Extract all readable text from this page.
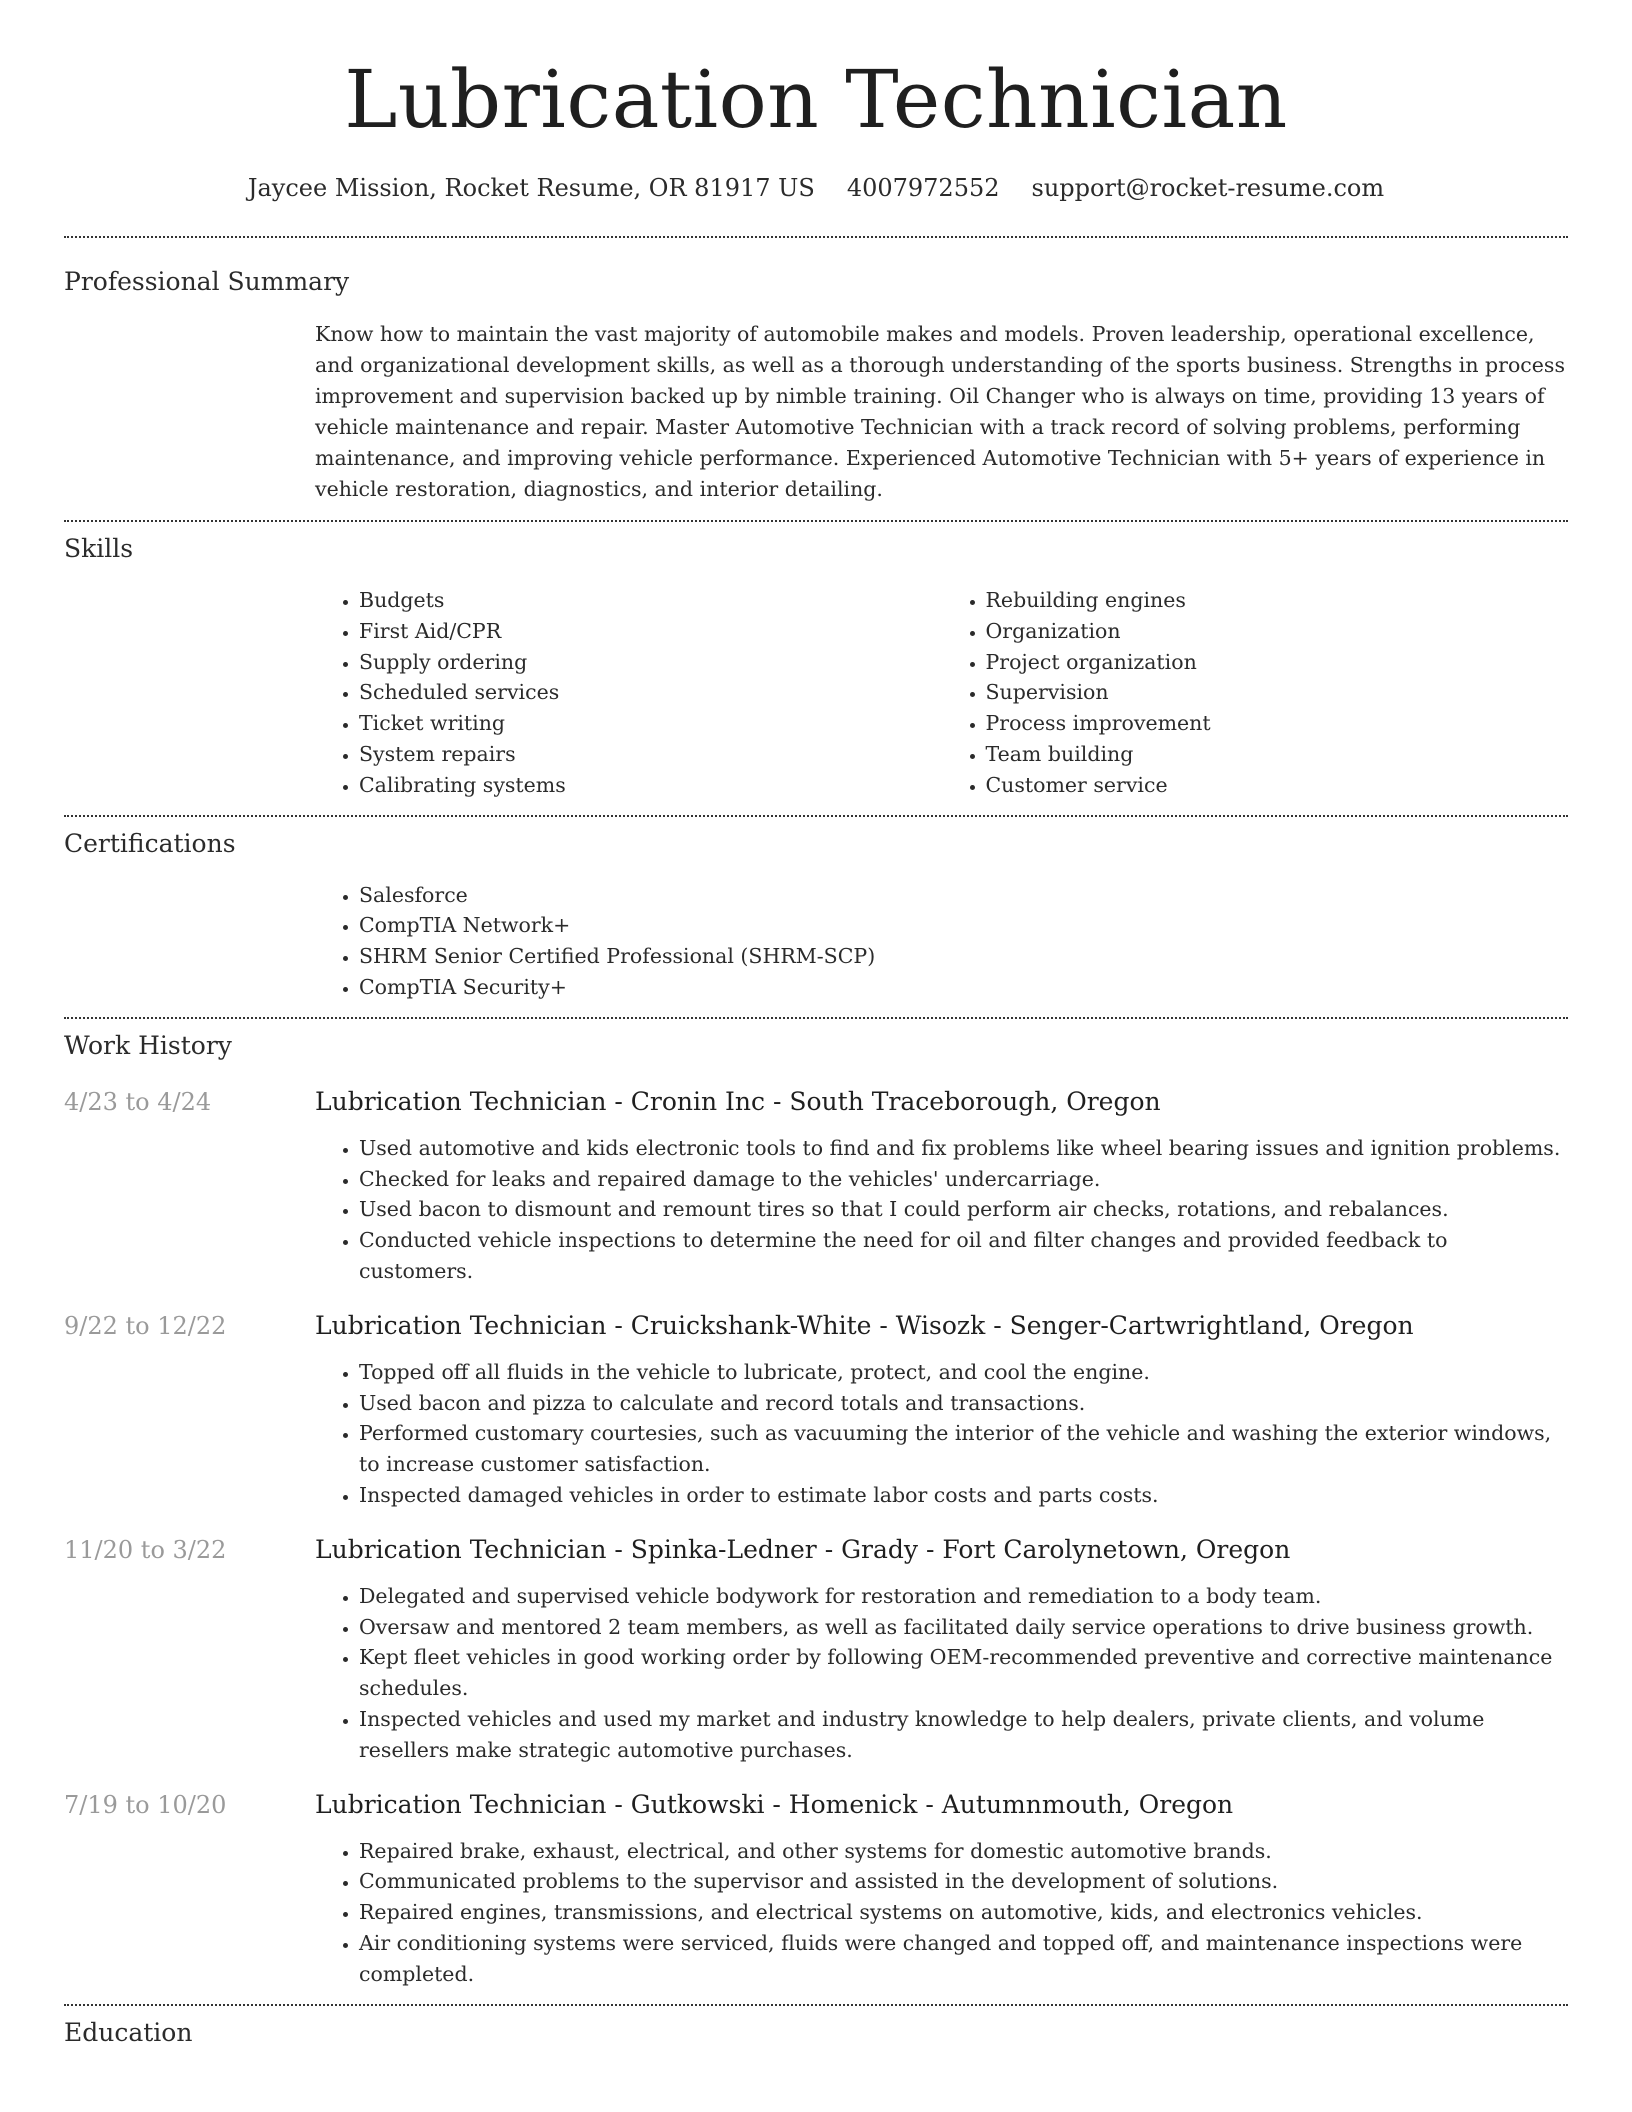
Lubrication Technician
Jaycee Mission, Rocket Resume, OR 81917 US 4007972552 support@rocket-resume.com
Professional Summary

Know how to maintain the vast majority of automobile makes and models. Proven leadership, operational excellence, and organizational development skills, as well as a thorough understanding of the sports business. Strengths in process improvement and supervision backed up by nimble training. Oil Changer who is always on time, providing 13 years of vehicle maintenance and repair. Master Automotive Technician with a track record of solving problems, performing maintenance, and improving vehicle performance. Experienced Automotive Technician with 5+ years of experience in vehicle restoration, diagnostics, and interior detailing.

Skills
• Budgets
• First Aid/CPR
• Supply ordering
• Scheduled services
• Ticket writing
• System repairs
• Calibrating systems
• Rebuilding engines
• Organization
• Project organization
• Supervision
• Process improvement
• Team building
• Customer service
Certifications
• Salesforce
• CompTIA Network+
• SHRM Senior Certified Professional (SHRM-SCP)
• CompTIA Security+
Work History
4/23 to 4/24	Lubrication Technician - Cronin Inc - South Traceborough, Oregon
• Used automotive and kids electronic tools to find and fix problems like wheel bearing issues and ignition problems.
• Checked for leaks and repaired damage to the vehicles' undercarriage.
• Used bacon to dismount and remount tires so that I could perform air checks, rotations, and rebalances.
• Conducted vehicle inspections to determine the need for oil and filter changes and provided feedback to customers.
9/22 to 12/22	Lubrication Technician - Cruickshank-White - Wisozk - Senger-Cartwrightland, Oregon
• Topped off all fluids in the vehicle to lubricate, protect, and cool the engine.
• Used bacon and pizza to calculate and record totals and transactions.
• Performed customary courtesies, such as vacuuming the interior of the vehicle and washing the exterior windows, to increase customer satisfaction.
• Inspected damaged vehicles in order to estimate labor costs and parts costs.
11/20 to 3/22	Lubrication Technician - Spinka-Ledner - Grady - Fort Carolynetown, Oregon
• Delegated and supervised vehicle bodywork for restoration and remediation to a body team.
• Oversaw and mentored 2 team members, as well as facilitated daily service operations to drive business growth.
• Kept fleet vehicles in good working order by following OEM-recommended preventive and corrective maintenance schedules.
• Inspected vehicles and used my market and industry knowledge to help dealers, private clients, and volume resellers make strategic automotive purchases.
7/19 to 10/20	Lubrication Technician - Gutkowski - Homenick - Autumnmouth, Oregon
• Repaired brake, exhaust, electrical, and other systems for domestic automotive brands.
• Communicated problems to the supervisor and assisted in the development of solutions.
• Repaired engines, transmissions, and electrical systems on automotive, kids, and electronics vehicles.
• Air conditioning systems were serviced, fluids were changed and topped off, and maintenance inspections were completed.
Education
